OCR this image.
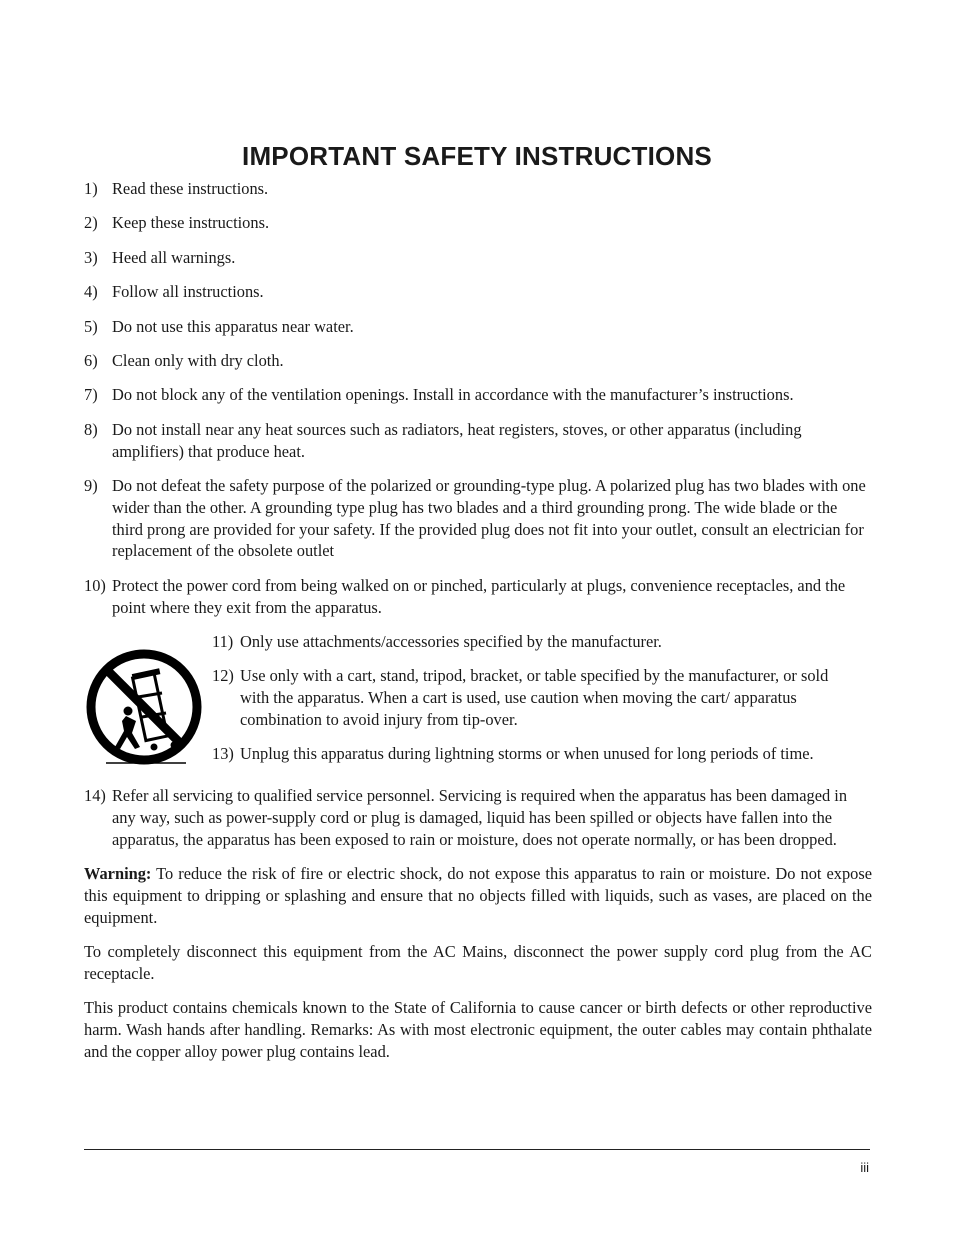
IMPORTANT SAFETY INSTRUCTIONS
1) Read these instructions.
2) Keep these instructions.
3) Heed all warnings.
4) Follow all instructions.
5) Do not use this apparatus near water.
6) Clean only with dry cloth.
7) Do not block any of the ventilation openings. Install in accordance with the manufacturer’s instructions.
8) Do not install near any heat sources such as radiators, heat registers, stoves, or other apparatus (including amplifiers) that produce heat.
9) Do not defeat the safety purpose of the polarized or grounding-type plug. A polarized plug has two blades with one wider than the other. A grounding type plug has two blades and a third grounding prong. The wide blade or the third prong are provided for your safety. If the provided plug does not fit into your outlet, consult an electrician for replacement of the obsolete outlet
10) Protect the power cord from being walked on or pinched, particularly at plugs, convenience receptacles, and the point where they exit from the apparatus.
11) Only use attachments/accessories specified by the manufacturer.
12) Use only with a cart, stand, tripod, bracket, or table specified by the manufacturer, or sold with the apparatus. When a cart is used, use caution when moving the cart/ apparatus combination to avoid injury from tip-over.
13) Unplug this apparatus during lightning storms or when unused for long periods of time.
14) Refer all servicing to qualified service personnel. Servicing is required when the apparatus has been damaged in any way, such as power-supply cord or plug is damaged, liquid has been spilled or objects have fallen into the apparatus, the apparatus has been exposed to rain or moisture, does not operate normally, or has been dropped.

Warning: To reduce the risk of fire or electric shock, do not expose this apparatus to rain or moisture. Do not expose this equipment to dripping or splashing and ensure that no objects filled with liquids, such as vases, are placed on the equipment.

To completely disconnect this equipment from the AC Mains, disconnect the power supply cord plug from the AC receptacle.

This product contains chemicals known to the State of California to cause cancer or birth defects or other reproductive harm. Wash hands after handling. Remarks: As with most electronic equipment, the outer cables may contain phthalate and the copper alloy power plug contains lead.

iii
